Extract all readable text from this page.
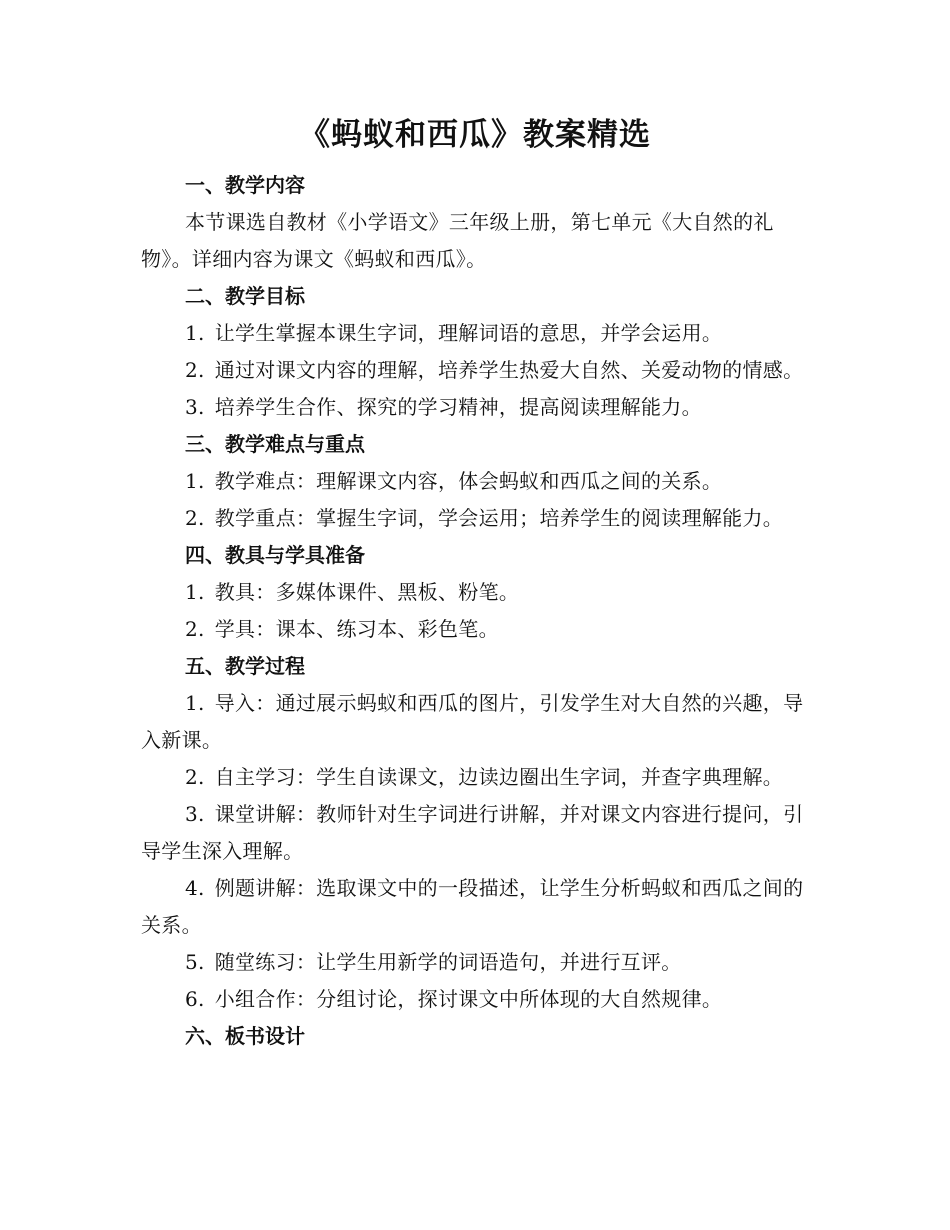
《蚂蚁和西瓜》教案精选

一、教学内容

本节课选自教材《小学语文》三年级上册，第七单元《大自然的礼物》。详细内容为课文《蚂蚁和西瓜》。

二、教学目标

1. 让学生掌握本课生字词，理解词语的意思，并学会运用。

2. 通过对课文内容的理解，培养学生热爱大自然、关爱动物的情感。

3. 培养学生合作、探究的学习精神，提高阅读理解能力。

三、教学难点与重点

1. 教学难点：理解课文内容，体会蚂蚁和西瓜之间的关系。

2. 教学重点：掌握生字词，学会运用；培养学生的阅读理解能力。

四、教具与学具准备

1. 教具：多媒体课件、黑板、粉笔。

2. 学具：课本、练习本、彩色笔。

五、教学过程

1. 导入：通过展示蚂蚁和西瓜的图片，引发学生对大自然的兴趣，导入新课。

2. 自主学习：学生自读课文，边读边圈出生字词，并查字典理解。

3. 课堂讲解：教师针对生字词进行讲解，并对课文内容进行提问，引导学生深入理解。

4. 例题讲解：选取课文中的一段描述，让学生分析蚂蚁和西瓜之间的关系。

5. 随堂练习：让学生用新学的词语造句，并进行互评。

6. 小组合作：分组讨论，探讨课文中所体现的大自然规律。

六、板书设计
